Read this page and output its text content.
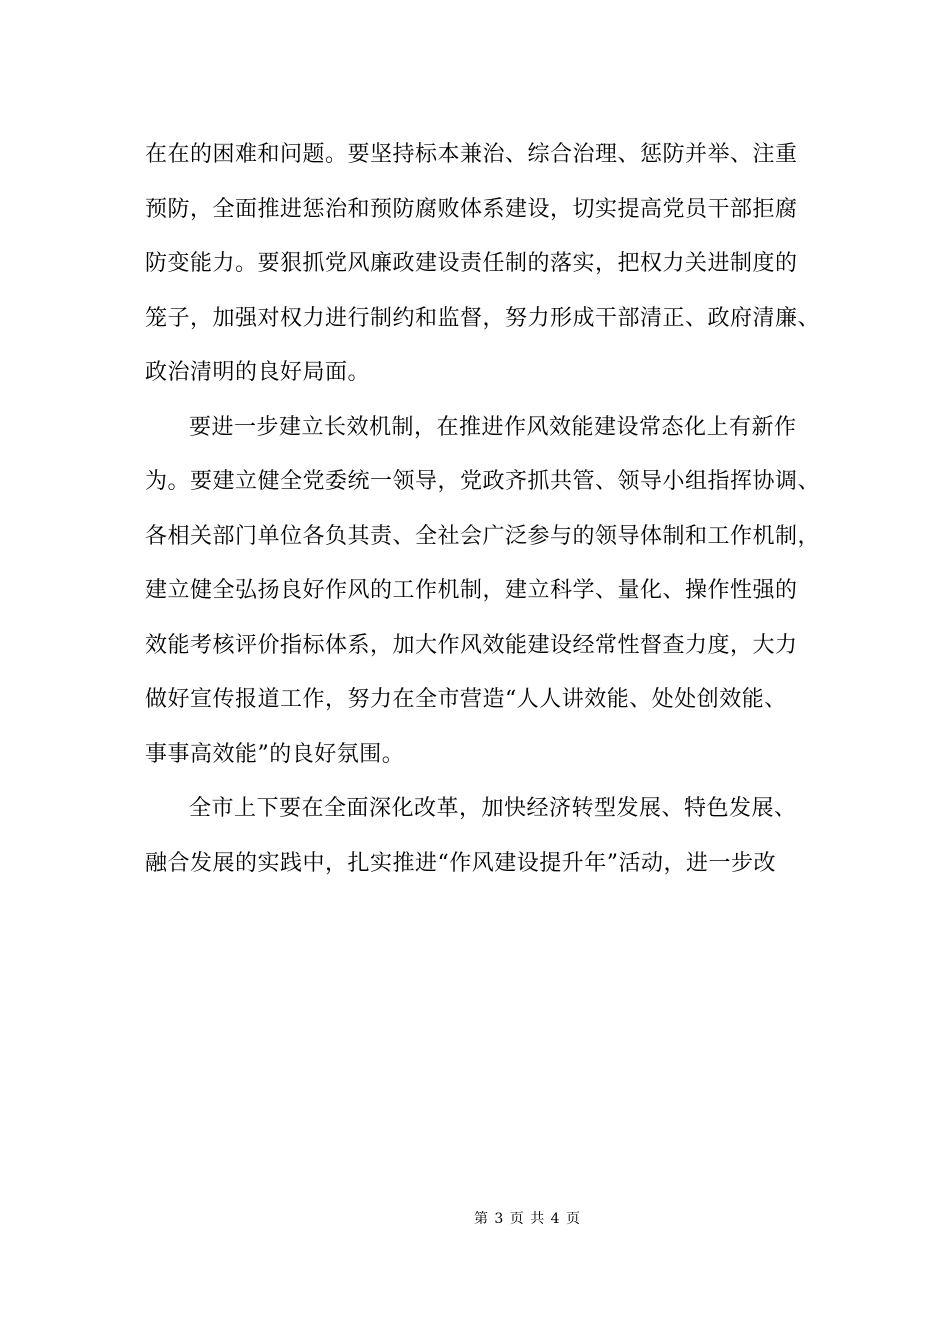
在在的困难和问题。要坚持标本兼治、综合治理、惩防并举、注重
预防，全面推进惩治和预防腐败体系建设，切实提高党员干部拒腐
防变能力。要狠抓党风廉政建设责任制的落实，把权力关进制度的
笼子，加强对权力进行制约和监督，努力形成干部清正、政府清廉、
政治清明的良好局面。
要进一步建立长效机制，在推进作风效能建设常态化上有新作
为。要建立健全党委统一领导，党政齐抓共管、领导小组指挥协调、
各相关部门单位各负其责、全社会广泛参与的领导体制和工作机制，
建立健全弘扬良好作风的工作机制，建立科学、量化、操作性强的
效能考核评价指标体系，加大作风效能建设经常性督查力度，大力
做好宣传报道工作，努力在全市营造“人人讲效能、处处创效能、
事事高效能”的良好氛围。
全市上下要在全面深化改革，加快经济转型发展、特色发展、
融合发展的实践中，扎实推进“作风建设提升年”活动，进一步改
第 3 页 共 4 页
